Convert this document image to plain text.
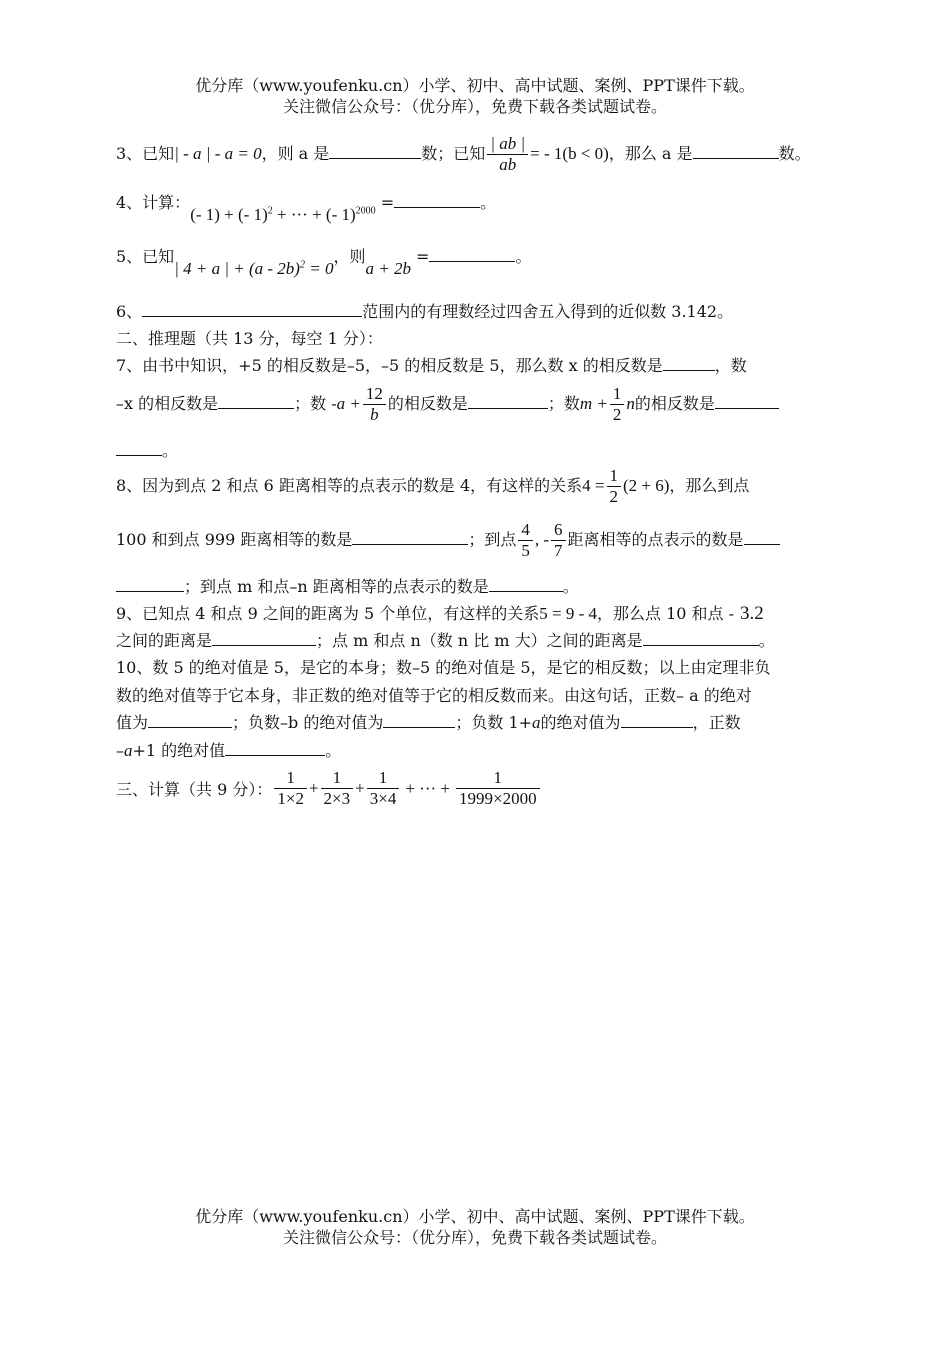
优分库（www.youfenku.cn）小学、初中、高中试题、案例、PPT课件下载。
关注微信公众号：（优分库），免费下载各类试题试卷。
3、已知| - a | - a = 0，则 a 是	数；已知 $\frac{| ab |}{ab}$ = - 1(b < 0)，那么 a 是	数。
4、计算：(- 1) + (- 1)$^2$ + ··· + (- 1)$^{2000}$ =	。
5、已知| 4 + a | + (a - 2b)$^2$ = 0，则a + 2b =	。
6、	范围内的有理数经过四舍五入得到的近似数 3.142。
二、推理题（共 13 分，每空 1 分）：
7、由书中知识，+5 的相反数是–5，–5 的相反数是 5，那么数 x 的相反数是	，数
–x 的相反数是	；数 $-a + \frac{12}{b}$ 的相反数是	；数$m + \frac{1}{2}$ n的相反数是
。
8、因为到点 2 和点 6 距离相等的点表示的数是 4，有这样的关系$4 = \frac{1}{2} (2 + 6)$，那么到点
100 和到点 999 距离相等的数是	；到点 $\frac{4}{5}$ , - $\frac{6}{7}$ 距离相等的点表示的数是
；到点 m 和点–n 距离相等的点表示的数是	。
9、已知点 4 和点 9 之间的距离为 5 个单位，有这样的关系5 = 9 - 4，那么点 10 和点 - 3.2
之间的距离是	；点 m 和点 n（数 n 比 m 大）之间的距离是	。
10、数 5 的绝对值是 5，是它的本身；数–5 的绝对值是 5，是它的相反数；以上由定理非负
数的绝对值等于它本身，非正数的绝对值等于它的相反数而来。由这句话，正数– a 的绝对
值为	；负数–b 的绝对值为	；负数 1+a的绝对值为	，正数
–a+1 的绝对值	。
三、计算（共 9 分）： $\frac{1}{1\times 2} + \frac{1}{2\times 3} + \frac{1}{3\times 4}$ + ··· + $\frac{1}{1999\times 2000}$
优分库（www.youfenku.cn）小学、初中、高中试题、案例、PPT课件下载。
关注微信公众号：（优分库），免费下载各类试题试卷。
